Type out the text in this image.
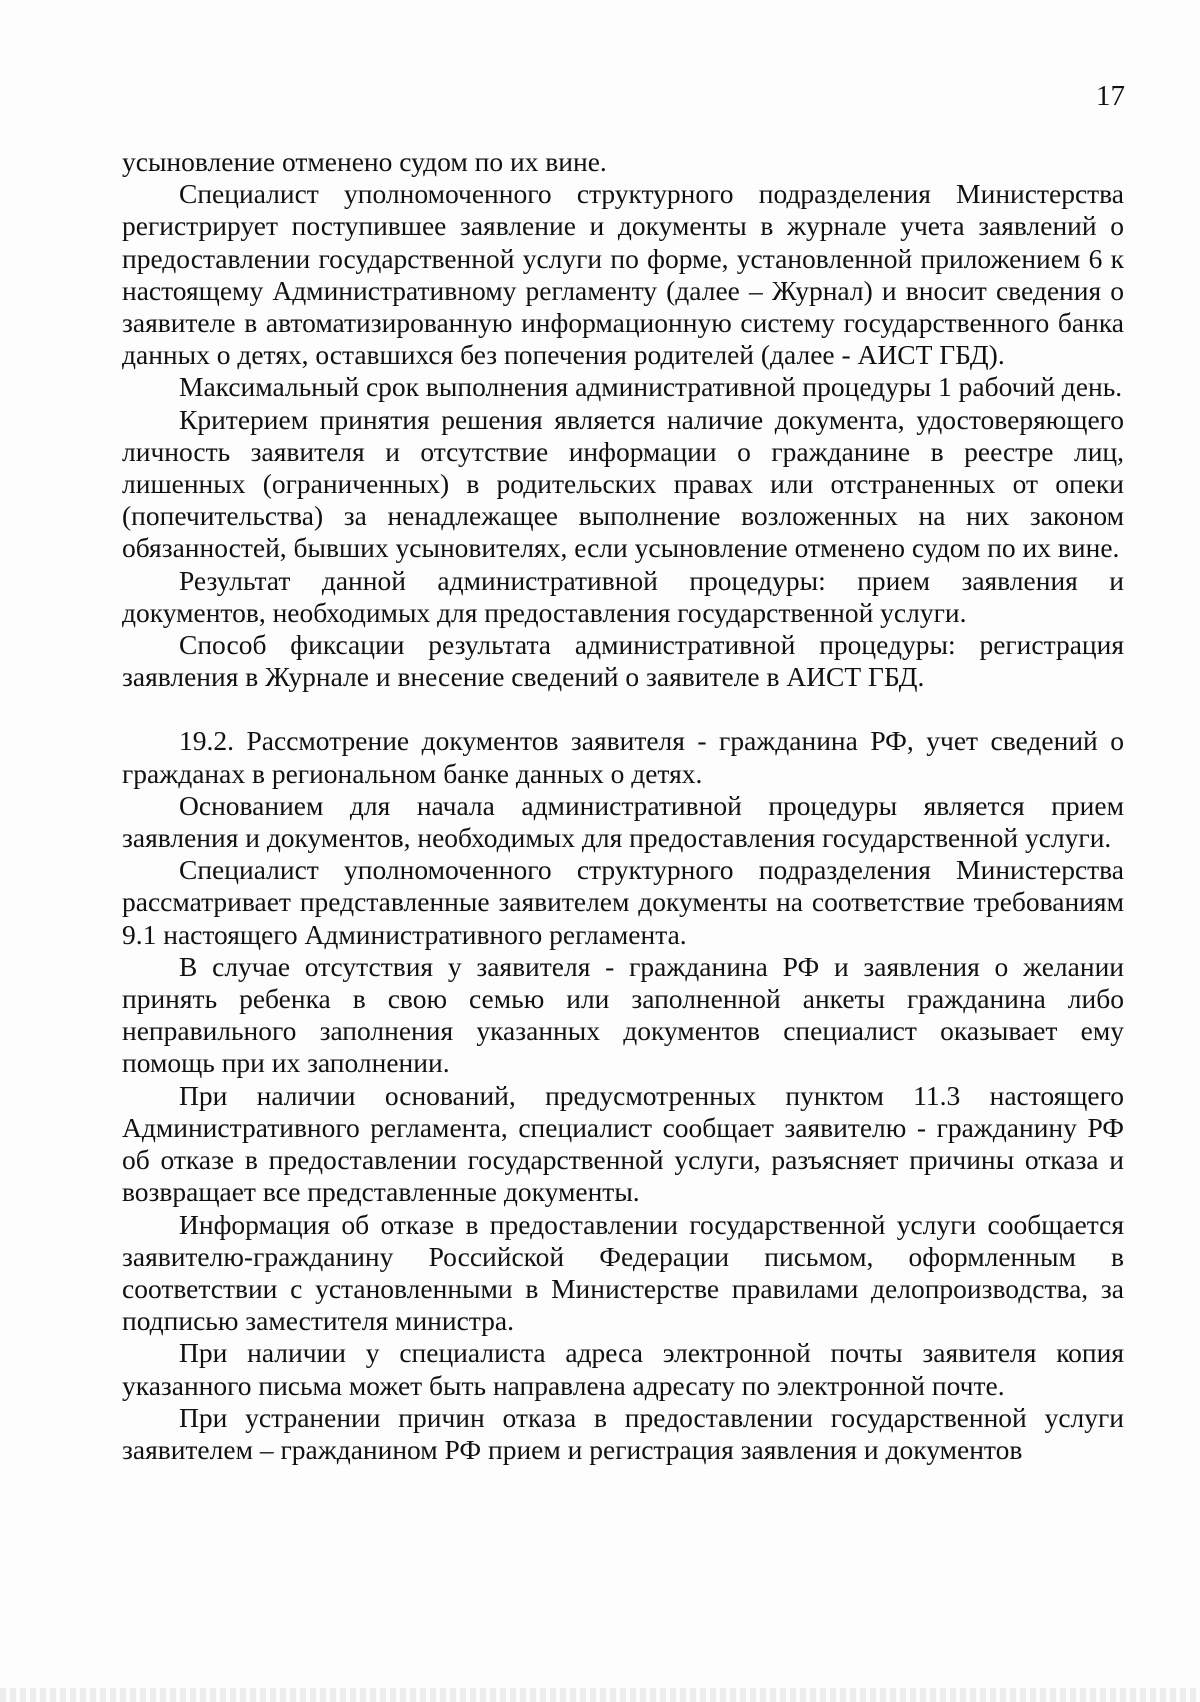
17

усыновление отменено судом по их вине.

Специалист уполномоченного структурного подразделения Министерства регистрирует поступившее заявление и документы в журнале учета заявлений о предоставлении государственной услуги по форме, установленной приложением 6 к настоящему Административному регламенту (далее – Журнал) и вносит сведения о заявителе в автоматизированную информационную систему государственного банка данных о детях, оставшихся без попечения родителей (далее - АИСТ ГБД).

Максимальный срок выполнения административной процедуры 1 рабочий день.

Критерием принятия решения является наличие документа, удостоверяющего личность заявителя и отсутствие информации о гражданине в реестре лиц, лишенных (ограниченных) в родительских правах или отстраненных от опеки (попечительства) за ненадлежащее выполнение возложенных на них законом обязанностей, бывших усыновителях, если усыновление отменено судом по их вине.

Результат данной административной процедуры: прием заявления и документов, необходимых для предоставления государственной услуги.

Способ фиксации результата административной процедуры: регистрация заявления в Журнале и внесение сведений о заявителе в АИСТ ГБД.

19.2. Рассмотрение документов заявителя - гражданина РФ, учет сведений о гражданах в региональном банке данных о детях.

Основанием для начала административной процедуры является прием заявления и документов, необходимых для предоставления государственной услуги.

Специалист уполномоченного структурного подразделения Министерства рассматривает представленные заявителем документы на соответствие требованиям 9.1 настоящего Административного регламента.

В случае отсутствия у заявителя - гражданина РФ и заявления о желании принять ребенка в свою семью или заполненной анкеты гражданина либо неправильного заполнения указанных документов специалист оказывает ему помощь при их заполнении.

При наличии оснований, предусмотренных пунктом 11.3 настоящего Административного регламента, специалист сообщает заявителю - гражданину РФ об отказе в предоставлении государственной услуги, разъясняет причины отказа и возвращает все представленные документы.

Информация об отказе в предоставлении государственной услуги сообщается заявителю-гражданину Российской Федерации письмом, оформленным в соответствии с установленными в Министерстве правилами делопроизводства, за подписью заместителя министра.

При наличии у специалиста адреса электронной почты заявителя копия указанного письма может быть направлена адресату по электронной почте.

При устранении причин отказа в предоставлении государственной услуги заявителем – гражданином РФ прием и регистрация заявления и документов
